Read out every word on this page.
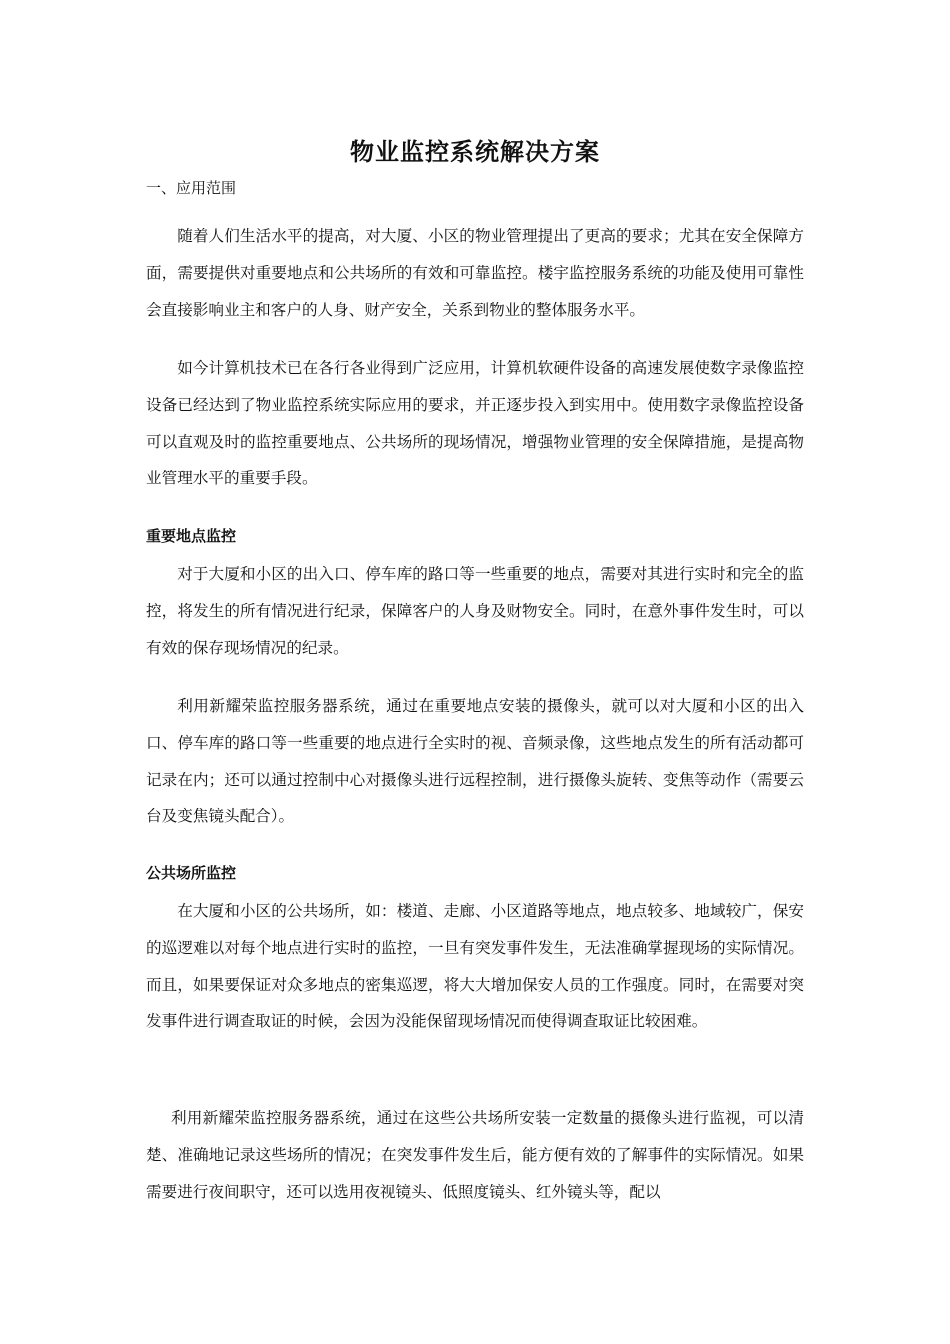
物业监控系统解决方案
一、应用范围

随着人们生活水平的提高，对大厦、小区的物业管理提出了更高的要求；尤其在安全保障方面，需要提供对重要地点和公共场所的有效和可靠监控。楼宇监控服务系统的功能及使用可靠性会直接影响业主和客户的人身、财产安全，关系到物业的整体服务水平。

如今计算机技术已在各行各业得到广泛应用，计算机软硬件设备的高速发展使数字录像监控设备已经达到了物业监控系统实际应用的要求，并正逐步投入到实用中。使用数字录像监控设备可以直观及时的监控重要地点、公共场所的现场情况，增强物业管理的安全保障措施，是提高物业管理水平的重要手段。

重要地点监控

对于大厦和小区的出入口、停车库的路口等一些重要的地点，需要对其进行实时和完全的监控，将发生的所有情况进行纪录，保障客户的人身及财物安全。同时，在意外事件发生时，可以有效的保存现场情况的纪录。

利用新耀荣监控服务器系统，通过在重要地点安装的摄像头，就可以对大厦和小区的出入口、停车库的路口等一些重要的地点进行全实时的视、音频录像，这些地点发生的所有活动都可记录在内；还可以通过控制中心对摄像头进行远程控制，进行摄像头旋转、变焦等动作（需要云台及变焦镜头配合）。

公共场所监控

在大厦和小区的公共场所，如：楼道、走廊、小区道路等地点，地点较多、地域较广，保安的巡逻难以对每个地点进行实时的监控，一旦有突发事件发生，无法准确掌握现场的实际情况。而且，如果要保证对众多地点的密集巡逻，将大大增加保安人员的工作强度。同时，在需要对突发事件进行调查取证的时候，会因为没能保留现场情况而使得调查取证比较困难。

利用新耀荣监控服务器系统，通过在这些公共场所安装一定数量的摄像头进行监视，可以清楚、准确地记录这些场所的情况；在突发事件发生后，能方便有效的了解事件的实际情况。如果需要进行夜间职守，还可以选用夜视镜头、低照度镜头、红外镜头等，配以
